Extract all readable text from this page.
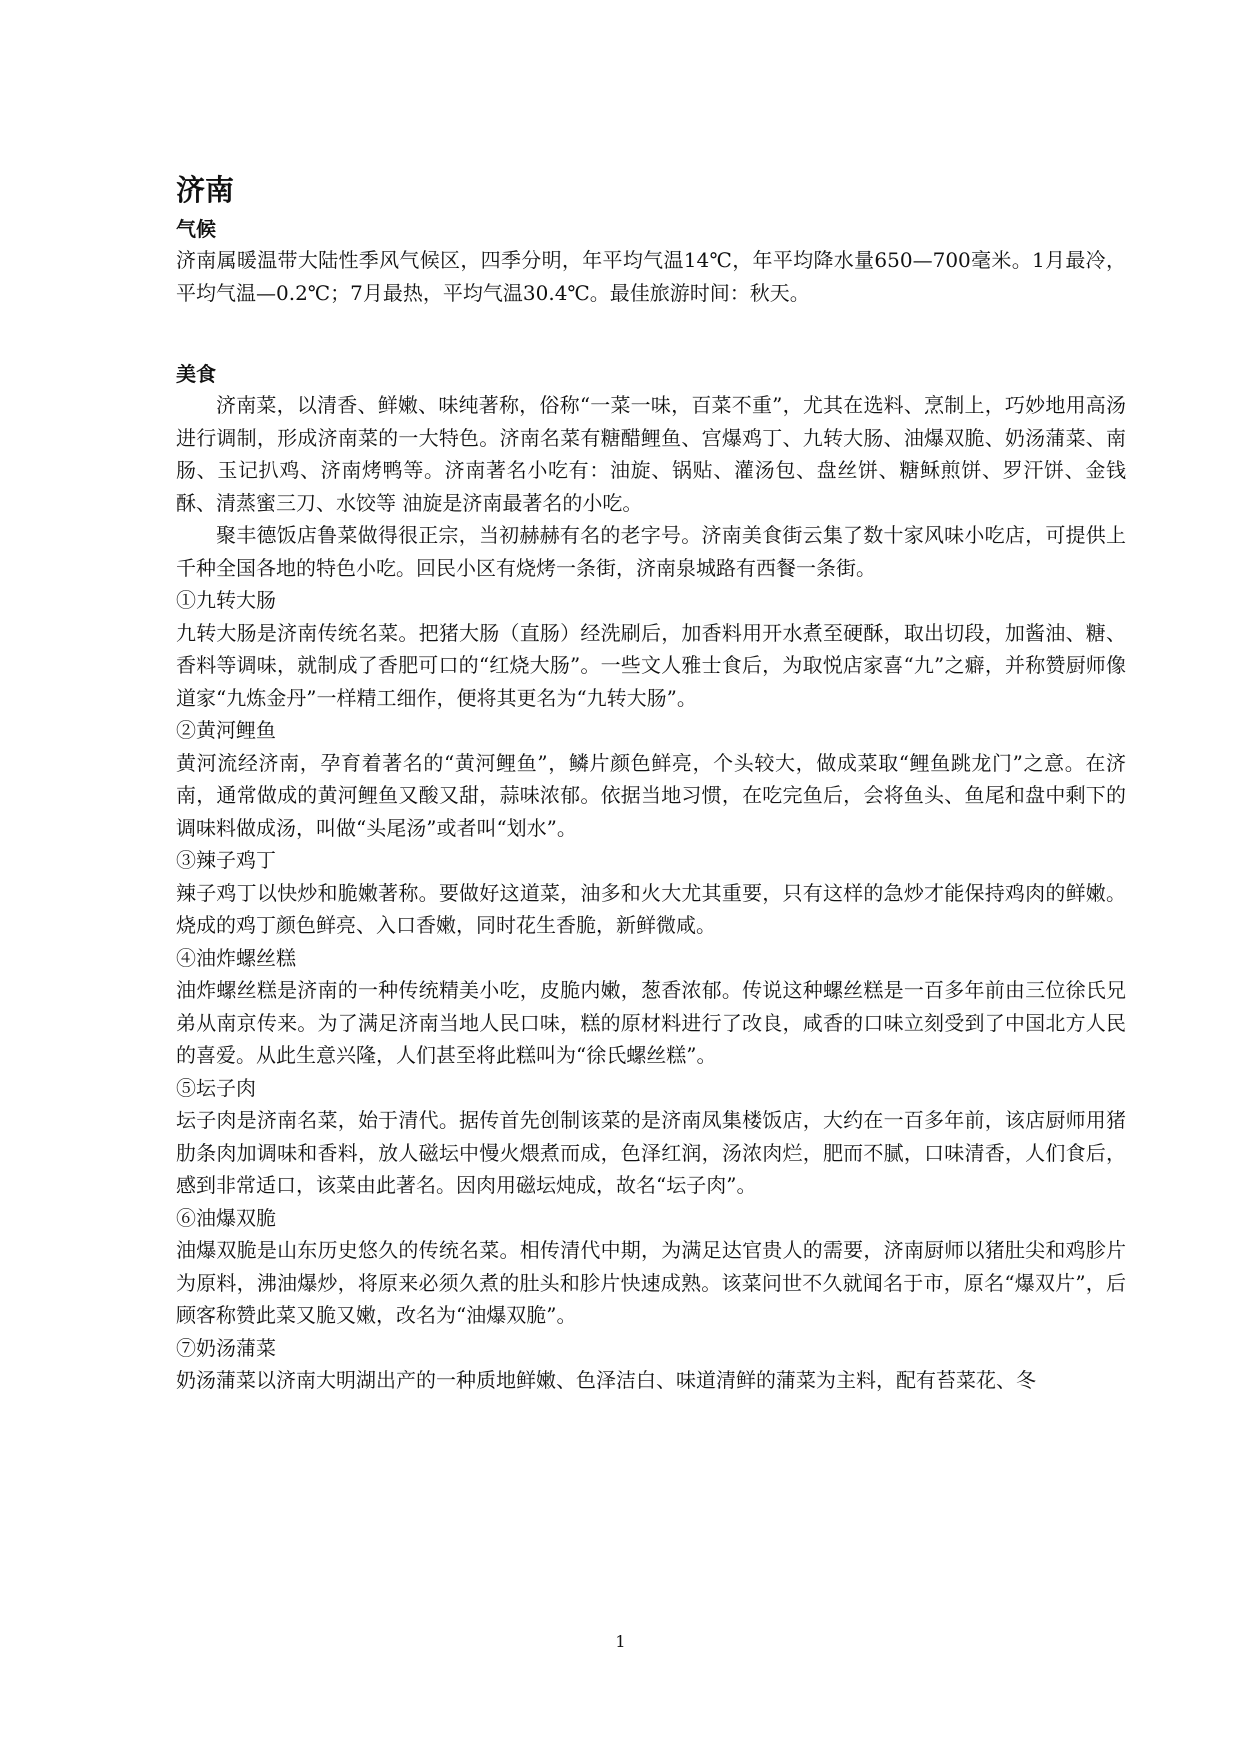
济南
气候

济南属暖温带大陆性季风气候区，四季分明，年平均气温14℃，年平均降水量650—700毫米。1月最冷，平均气温—0.2℃；7月最热，平均气温30.4℃。最佳旅游时间：秋天。

美食

济南菜，以清香、鲜嫩、味纯著称，俗称“一菜一味，百菜不重”，尤其在选料、烹制上，巧妙地用高汤进行调制，形成济南菜的一大特色。济南名菜有糖醋鲤鱼、宫爆鸡丁、九转大肠、油爆双脆、奶汤蒲菜、南肠、玉记扒鸡、济南烤鸭等。济南著名小吃有：油旋、锅贴、灌汤包、盘丝饼、糖稣煎饼、罗汗饼、金钱酥、清蒸蜜三刀、水饺等 油旋是济南最著名的小吃。

聚丰德饭店鲁菜做得很正宗，当初赫赫有名的老字号。济南美食街云集了数十家风味小吃店，可提供上千种全国各地的特色小吃。回民小区有烧烤一条街，济南泉城路有西餐一条街。

①九转大肠

九转大肠是济南传统名菜。把猪大肠（直肠）经洗刷后，加香料用开水煮至硬酥，取出切段，加酱油、糖、香料等调味，就制成了香肥可口的“红烧大肠”。一些文人雅士食后，为取悦店家喜“九”之癖，并称赞厨师像道家“九炼金丹”一样精工细作，便将其更名为“九转大肠”。

②黄河鲤鱼

黄河流经济南，孕育着著名的“黄河鲤鱼”，鳞片颜色鲜亮，个头较大，做成菜取“鲤鱼跳龙门”之意。在济南，通常做成的黄河鲤鱼又酸又甜，蒜味浓郁。依据当地习惯，在吃完鱼后，会将鱼头、鱼尾和盘中剩下的调味料做成汤，叫做“头尾汤”或者叫“划水”。

③辣子鸡丁

辣子鸡丁以快炒和脆嫩著称。要做好这道菜，油多和火大尤其重要，只有这样的急炒才能保持鸡肉的鲜嫩。烧成的鸡丁颜色鲜亮、入口香嫩，同时花生香脆，新鲜微咸。

④油炸螺丝糕

油炸螺丝糕是济南的一种传统精美小吃，皮脆内嫩，葱香浓郁。传说这种螺丝糕是一百多年前由三位徐氏兄弟从南京传来。为了满足济南当地人民口味，糕的原材料进行了改良，咸香的口味立刻受到了中国北方人民的喜爱。从此生意兴隆，人们甚至将此糕叫为“徐氏螺丝糕”。

⑤坛子肉

坛子肉是济南名菜，始于清代。据传首先创制该菜的是济南凤集楼饭店，大约在一百多年前，该店厨师用猪肋条肉加调味和香料，放人磁坛中慢火煨煮而成，色泽红润，汤浓肉烂，肥而不腻，口味清香，人们食后，感到非常适口，该菜由此著名。因肉用磁坛炖成，故名“坛子肉”。

⑥油爆双脆

油爆双脆是山东历史悠久的传统名菜。相传清代中期，为满足达官贵人的需要，济南厨师以猪肚尖和鸡胗片为原料，沸油爆炒，将原来必须久煮的肚头和胗片快速成熟。该菜问世不久就闻名于市，原名“爆双片”，后顾客称赞此菜又脆又嫩，改名为“油爆双脆”。

⑦奶汤蒲菜

奶汤蒲菜以济南大明湖出产的一种质地鲜嫩、色泽洁白、味道清鲜的蒲菜为主料，配有苔菜花、冬

1
